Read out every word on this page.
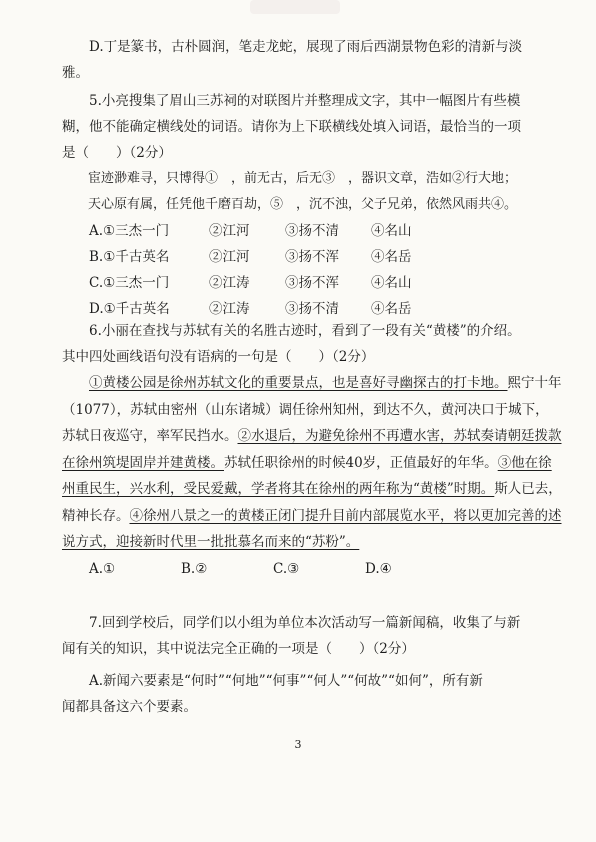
D.丁是篆书，古朴圆润，笔走龙蛇，展现了雨后西湖景物色彩的清新与淡

雅。

5.小亮搜集了眉山三苏祠的对联图片并整理成文字，其中一幅图片有些模

糊，他不能确定横线处的词语。请你为上下联横线处填入词语，最恰当的一项

是（　　）（2分）

宦迹渺难寻，只博得①　，前无古，后无③　，器识文章，浩如②行大地；

天心原有属，任凭他千磨百劫，⑤　，沉不浊，父子兄弟，依然风雨共④。

A.①三杰一门	②江河	③扬不清	④名山
B.①千古英名	②江河	③扬不浑	④名岳
C.①三杰一门	②江涛	③扬不浑	④名山
D.①千古英名	②江涛	③扬不清	④名岳

6.小丽在查找与苏轼有关的名胜古迹时，看到了一段有关“黄楼”的介绍。

其中四处画线语句没有语病的一句是（　　）（2分）

①黄楼公园是徐州苏轼文化的重要景点，也是喜好寻幽探古的打卡地。熙宁十年（1077），苏轼由密州（山东诸城）调任徐州知州，到达不久，黄河决口于城下，苏轼日夜巡守，率军民挡水。②水退后，为避免徐州不再遭水害，苏轼奏请朝廷拨款在徐州筑堤固岸并建黄楼。苏轼任职徐州的时候40岁，正值最好的年华。③他在徐州重民生，兴水利，受民爱戴，学者将其在徐州的两年称为“黄楼”时期。斯人已去，精神长存。④徐州八景之一的黄楼正闭门提升目前内部展览水平，将以更加完善的述说方式，迎接新时代里一批批慕名而来的“苏粉”。

A.①	B.②	C.③	D.④

7.回到学校后，同学们以小组为单位本次活动写一篇新闻稿，收集了与新

闻有关的知识，其中说法完全正确的一项是（　　）（2分）

A.新闻六要素是“何时”“何地”“何事”“何人”“何故”“如何”，所有新

闻都具备这六个要素。

3
